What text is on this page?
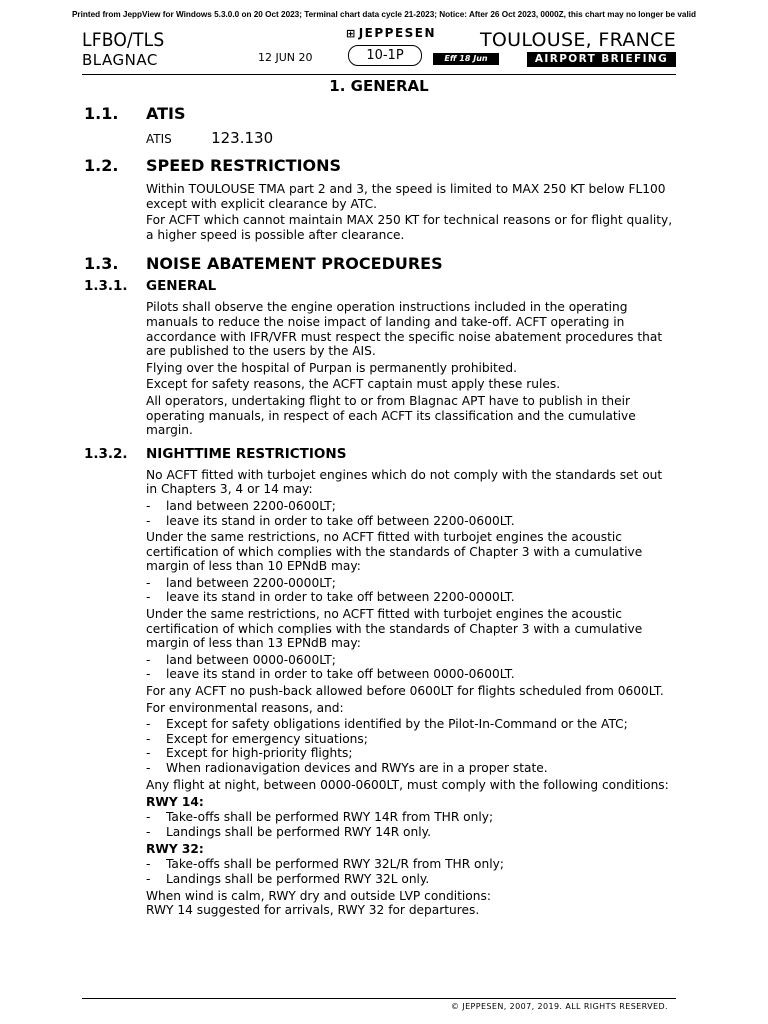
Printed from JeppView for Windows 5.3.0.0 on 20 Oct 2023; Terminal chart data cycle 21-2023; Notice: After 26 Oct 2023, 0000Z, this chart may no longer be valid
LFBO/TLS
BLAGNAC	12 JUN 20
⊞ JEPPESEN
10-1P	Eff 18 Jun
TOULOUSE, FRANCE
AIRPORT BRIEFING
1. GENERAL
1.1. ATIS
ATIS	123.130
1.2. SPEED RESTRICTIONS
Within TOULOUSE TMA part 2 and 3, the speed is limited to MAX 250 KT below FL100 except with explicit clearance by ATC.
For ACFT which cannot maintain MAX 250 KT for technical reasons or for flight quality, a higher speed is possible after clearance.
1.3. NOISE ABATEMENT PROCEDURES
1.3.1. GENERAL
Pilots shall observe the engine operation instructions included in the operating manuals to reduce the noise impact of landing and take-off. ACFT operating in accordance with IFR/VFR must respect the specific noise abatement procedures that are published to the users by the AIS.
Flying over the hospital of Purpan is permanently prohibited.
Except for safety reasons, the ACFT captain must apply these rules.
All operators, undertaking flight to or from Blagnac APT have to publish in their operating manuals, in respect of each ACFT its classification and the cumulative margin.
1.3.2. NIGHTTIME RESTRICTIONS
No ACFT fitted with turbojet engines which do not comply with the standards set out in Chapters 3, 4 or 14 may:
- land between 2200-0600LT;
- leave its stand in order to take off between 2200-0600LT.
Under the same restrictions, no ACFT fitted with turbojet engines the acoustic certification of which complies with the standards of Chapter 3 with a cumulative margin of less than 10 EPNdB may:
- land between 2200-0000LT;
- leave its stand in order to take off between 2200-0000LT.
Under the same restrictions, no ACFT fitted with turbojet engines the acoustic certification of which complies with the standards of Chapter 3 with a cumulative margin of less than 13 EPNdB may:
- land between 0000-0600LT;
- leave its stand in order to take off between 0000-0600LT.
For any ACFT no push-back allowed before 0600LT for flights scheduled from 0600LT.
For environmental reasons, and:
- Except for safety obligations identified by the Pilot-In-Command or the ATC;
- Except for emergency situations;
- Except for high-priority flights;
- When radionavigation devices and RWYs are in a proper state.
Any flight at night, between 0000-0600LT, must comply with the following conditions:
RWY 14:
- Take-offs shall be performed RWY 14R from THR only;
- Landings shall be performed RWY 14R only.
RWY 32:
- Take-offs shall be performed RWY 32L/R from THR only;
- Landings shall be performed RWY 32L only.
When wind is calm, RWY dry and outside LVP conditions:
RWY 14 suggested for arrivals, RWY 32 for departures.
© JEPPESEN, 2007, 2019. ALL RIGHTS RESERVED.
